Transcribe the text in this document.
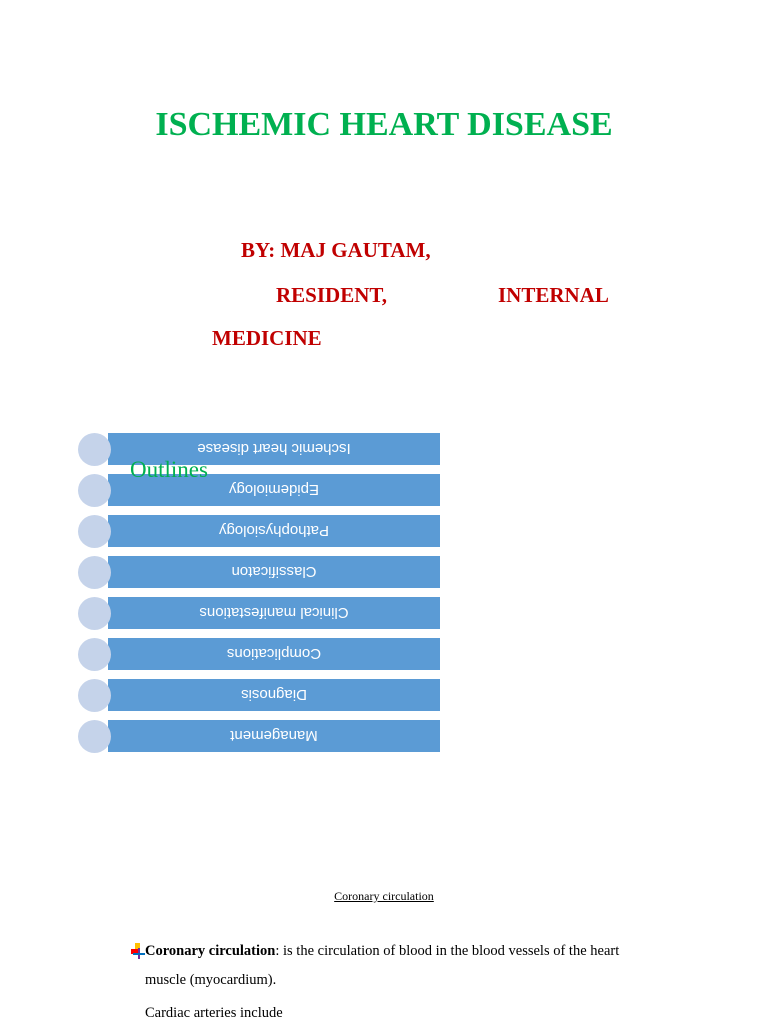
ISCHEMIC HEART DISEASE
BY: MAJ GAUTAM,
RESIDENT,	INTERNAL
MEDICINE
Ischemic heart disease
Epidemiology
Pathophysiology
Classificaton
Clinical manifestations
Complications
Diagnosis
Management
Outlines
Coronary circulation
Coronary circulation: is the circulation of blood in the blood vessels of the heart
muscle (myocardium).
Cardiac arteries include
